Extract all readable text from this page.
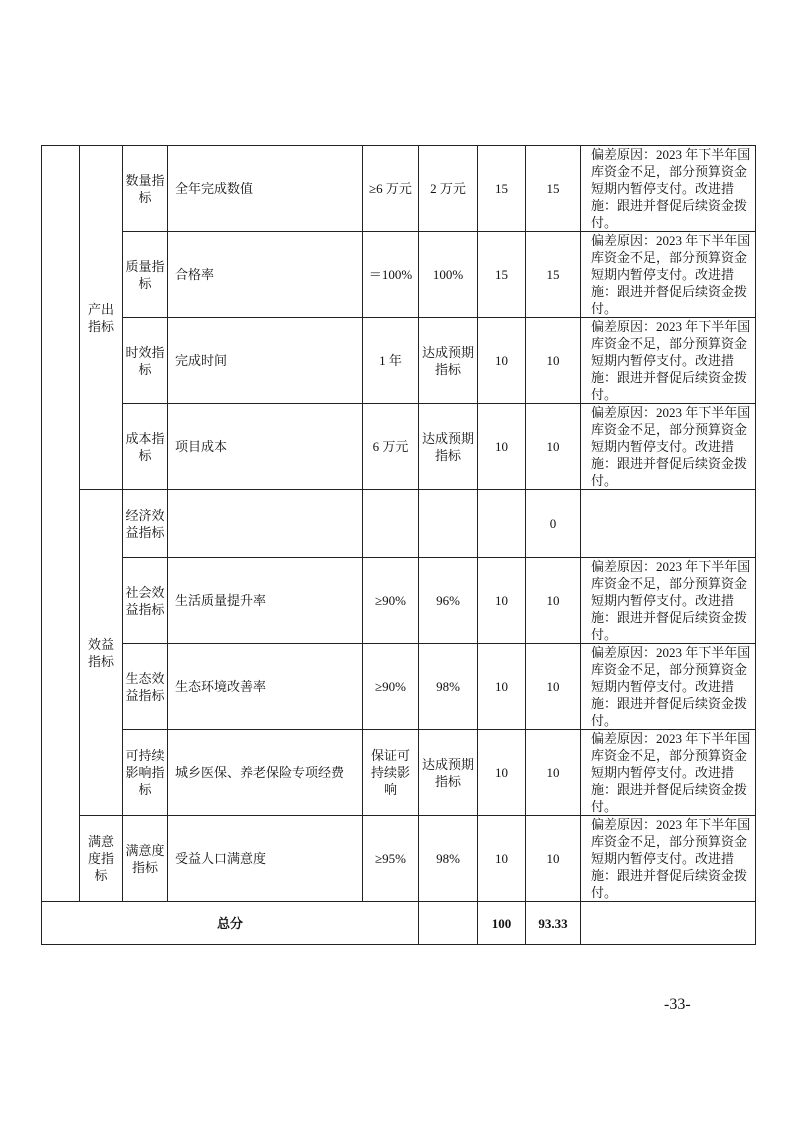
	产出指标	数量指标	全年完成数值	≥6 万元	2 万元	15	15	偏差原因：2023 年下半年国库资金不足，部分预算资金短期内暂停支付。改进措施：跟进并督促后续资金拨付。
		质量指标	合格率	＝100%	100%	15	15	偏差原因：2023 年下半年国库资金不足，部分预算资金短期内暂停支付。改进措施：跟进并督促后续资金拨付。
		时效指标	完成时间	1 年	达成预期指标	10	10	偏差原因：2023 年下半年国库资金不足，部分预算资金短期内暂停支付。改进措施：跟进并督促后续资金拨付。
		成本指标	项目成本	6 万元	达成预期指标	10	10	偏差原因：2023 年下半年国库资金不足，部分预算资金短期内暂停支付。改进措施：跟进并督促后续资金拨付。
	效益指标	经济效益指标					0	
		社会效益指标	生活质量提升率	≥90%	96%	10	10	偏差原因：2023 年下半年国库资金不足，部分预算资金短期内暂停支付。改进措施：跟进并督促后续资金拨付。
		生态效益指标	生态环境改善率	≥90%	98%	10	10	偏差原因：2023 年下半年国库资金不足，部分预算资金短期内暂停支付。改进措施：跟进并督促后续资金拨付。
		可持续影响指标	城乡医保、养老保险专项经费	保证可持续影响	达成预期指标	10	10	偏差原因：2023 年下半年国库资金不足，部分预算资金短期内暂停支付。改进措施：跟进并督促后续资金拨付。
	满意度指标	满意度指标	受益人口满意度	≥95%	98%	10	10	偏差原因：2023 年下半年国库资金不足，部分预算资金短期内暂停支付。改进措施：跟进并督促后续资金拨付。
总分						100	93.33	
-33-
